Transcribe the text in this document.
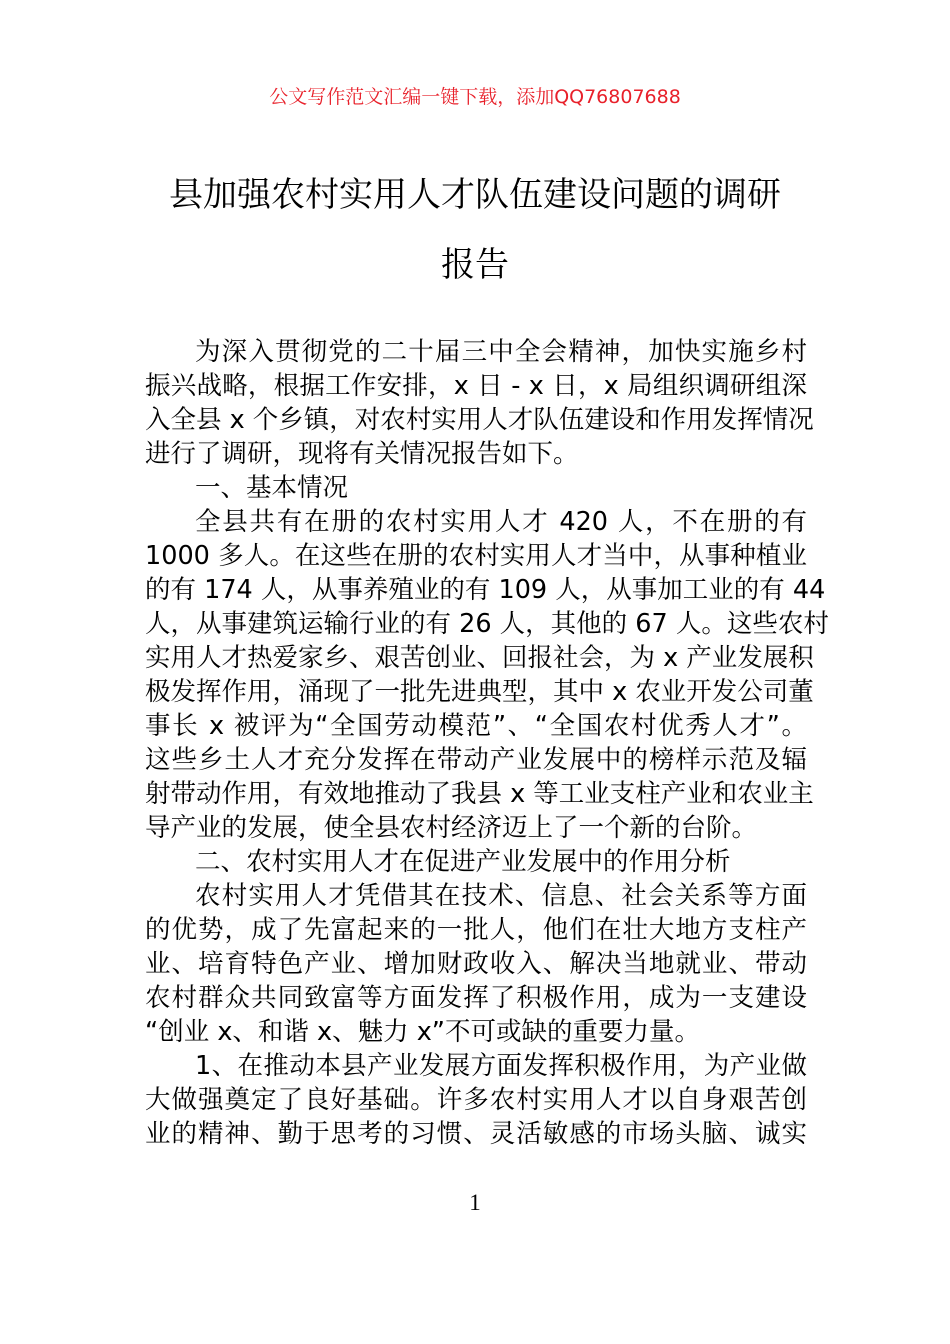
公文写作范文汇编一键下载，添加QQ76807688
县加强农村实用人才队伍建设问题的调研
报告
为深入贯彻党的二十届三中全会精神，加快实施乡村
振兴战略，根据工作安排，x 日 - x 日，x 局组织调研组深
入全县 x 个乡镇，对农村实用人才队伍建设和作用发挥情况
进行了调研，现将有关情况报告如下。
一、基本情况
全县共有在册的农村实用人才 420 人，不在册的有
1000 多人。在这些在册的农村实用人才当中，从事种植业
的有 174 人，从事养殖业的有 109 人，从事加工业的有 44
人，从事建筑运输行业的有 26 人，其他的 67 人。这些农村
实用人才热爱家乡、艰苦创业、回报社会，为 x 产业发展积
极发挥作用，涌现了一批先进典型，其中 x 农业开发公司董
事长 x 被评为“全国劳动模范”、“全国农村优秀人才”。
这些乡土人才充分发挥在带动产业发展中的榜样示范及辐
射带动作用，有效地推动了我县 x 等工业支柱产业和农业主
导产业的发展，使全县农村经济迈上了一个新的台阶。
二、农村实用人才在促进产业发展中的作用分析
农村实用人才凭借其在技术、信息、社会关系等方面
的优势，成了先富起来的一批人，他们在壮大地方支柱产
业、培育特色产业、增加财政收入、解决当地就业、带动
农村群众共同致富等方面发挥了积极作用，成为一支建设
“创业 x、和谐 x、魅力 x”不可或缺的重要力量。
1、在推动本县产业发展方面发挥积极作用，为产业做
大做强奠定了良好基础。许多农村实用人才以自身艰苦创
业的精神、勤于思考的习惯、灵活敏感的市场头脑、诚实
1
